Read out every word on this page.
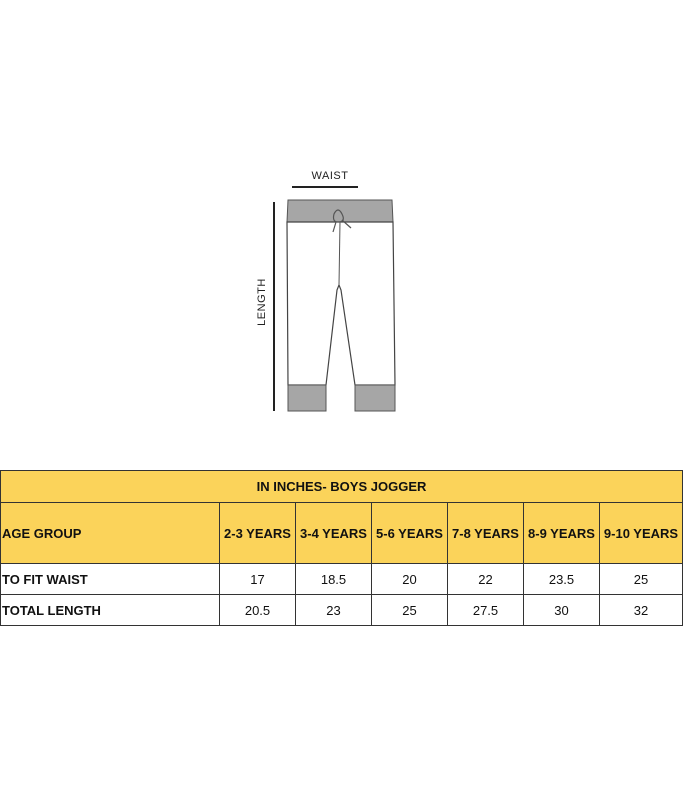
WAIST
LENGTH
IN INCHES- BOYS JOGGER						
AGE GROUP	2-3 YEARS	3-4 YEARS	5-6 YEARS	7-8 YEARS	8-9 YEARS	9-10 YEARS
TO FIT WAIST	17	18.5	20	22	23.5	25
TOTAL LENGTH	20.5	23	25	27.5	30	32
